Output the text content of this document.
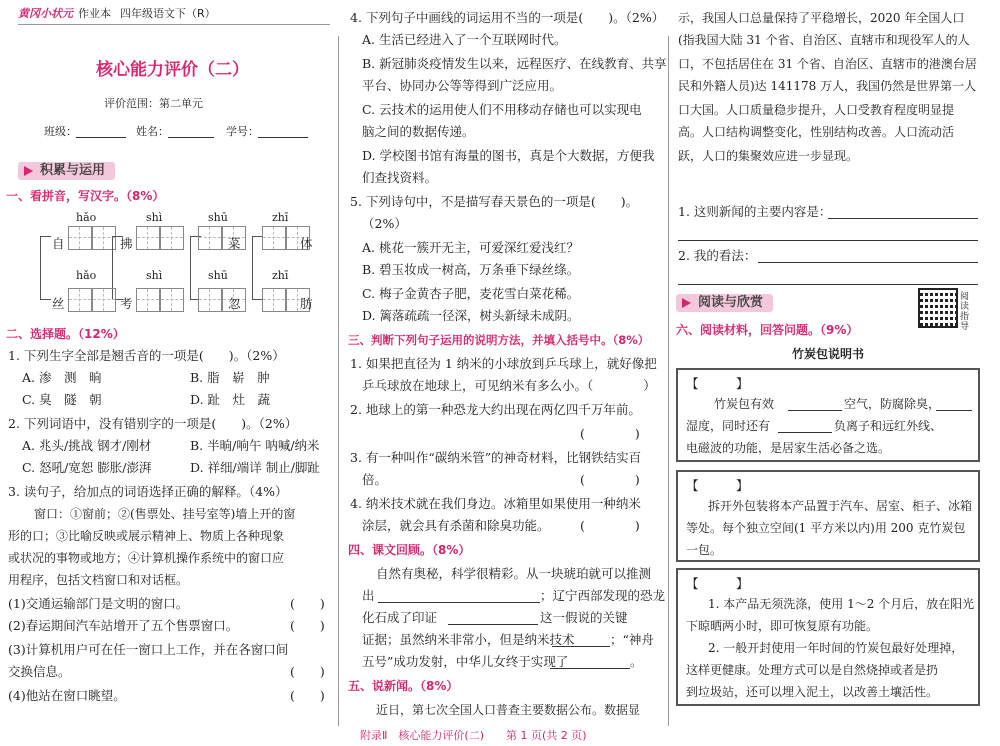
黄冈小状元 作业本 四年级语文下（R）
核心能力评价（二）
评价范围：第二单元
班级：	姓名：	学号：
积累与运用
一、看拼音，写汉字。（8%）
hǎo	shì	shū	zhī
自	拂	菜	体
hǎo	shì	shū	zhī
丝	考	忽	肪
二、选择题。（12%）
1. 下列生字全部是翘舌音的一项是(　　)。（2%）
A. 渗　测　晌	B. 脂　崭　肿
C. 臭　隧　朝	D. 趾　灶　蔬
2. 下列词语中，没有错别字的一项是(　　)。（2%）
A. 兆头/挑战 钢才/刚材	B. 半晌/响午 呐喊/纳米
C. 怒吼/宽恕 膨胀/澎湃	D. 祥细/端详 制止/脚趾
3. 读句子，给加点的词语选择正确的解释。（4%）
窗口：①窗前；②(售票处、挂号室等)墙上开的窗
形的口；③比喻反映或展示精神上、物质上各种现象
或状况的事物或地方；④计算机操作系统中的窗口应
用程序，包括文档窗口和对话框。
(1)交通运输部门是文明的窗口。	(　　)
(2)春运期间汽车站增开了五个售票窗口。	(　　)
(3)计算机用户可在任一窗口上工作，并在各窗口间
交换信息。	(　　)
(4)他站在窗口眺望。	(　　)
4. 下列句子中画线的词运用不当的一项是(　　)。（2%）
A. 生活已经进入了一个互联网时代。
B. 新冠肺炎疫情发生以来，远程医疗、在线教育、共享
平台、协同办公等等得到广泛应用。
C. 云技术的运用使人们不用移动存储也可以实现电
脑之间的数据传递。
D. 学校图书馆有海量的图书，真是个大数据，方便我
们查找资料。
5. 下列诗句中，不是描写春天景色的一项是(　　)。
（2%）
A. 桃花一簇开无主，可爱深红爱浅红？
B. 碧玉妆成一树高，万条垂下绿丝绦。
C. 梅子金黄杏子肥，麦花雪白菜花稀。
D. 篱落疏疏一径深，树头新绿未成阴。
三、判断下列句子运用的说明方法，并填入括号中。（8%）
1. 如果把直径为 1 纳米的小球放到乒乓球上，就好像把
乒乓球放在地球上，可见纳米有多么小。（　　　　）
2. 地球上的第一种恐龙大约出现在两亿四千万年前。
(　　　　)
3. 有一种叫作“碳纳米管”的神奇材料，比钢铁结实百
倍。	(　　　　)
4. 纳米技术就在我们身边。冰箱里如果使用一种纳米
涂层，就会具有杀菌和除臭功能。 (　　　　)
四、课文回顾。（8%）
自然有奥秘，科学很精彩。从一块琥珀就可以推测
出	；辽宁西部发现的恐龙
化石成了印证	这一假说的关键
证据；虽然纳米非常小，但是纳米技术	；“神舟
五号”成功发射，中华儿女终于实现了	。
五、说新闻。（8%）
近日，第七次全国人口普查主要数据公布。数据显
示，我国人口总量保持了平稳增长，2020 年全国人口
(指我国大陆 31 个省、自治区、直辖市和现役军人的人
口，不包括居住在 31 个省、自治区、直辖市的港澳台居
民和外籍人员)达 141178 万人，我国仍然是世界第一人
口大国。人口质量稳步提升，人口受教育程度明显提
高。人口结构调整变化，性别结构改善。人口流动活
跃，人口的集聚效应进一步显现。
1. 这则新闻的主要内容是：
2. 我的看法：
阅读与欣赏	阅读指导
六、阅读材料，回答问题。（9%）
竹炭包说明书
【　　　】
竹炭包有效	空气，防腐除臭，
湿度，同时还有	负离子和远红外线、
电磁波的功能，是居家生活必备之选。
【　　　】
拆开外包装将本产品置于汽车、居室、柜子、冰箱
等处。每个独立空间(1 平方米以内)用 200 克竹炭包
一包。
【　　　】
1. 本产品无须洗涤，使用 1～2 个月后，放在阳光
下晾晒两小时，即可恢复原有功能。
2. 一般开封使用一年时间的竹炭包最好处理掉，
这样更健康。处理方式可以是自然烧掉或者是扔
到垃圾站，还可以埋入泥土，以改善土壤活性。
附录Ⅱ　核心能力评价(二)　　第 1 页(共 2 页)
